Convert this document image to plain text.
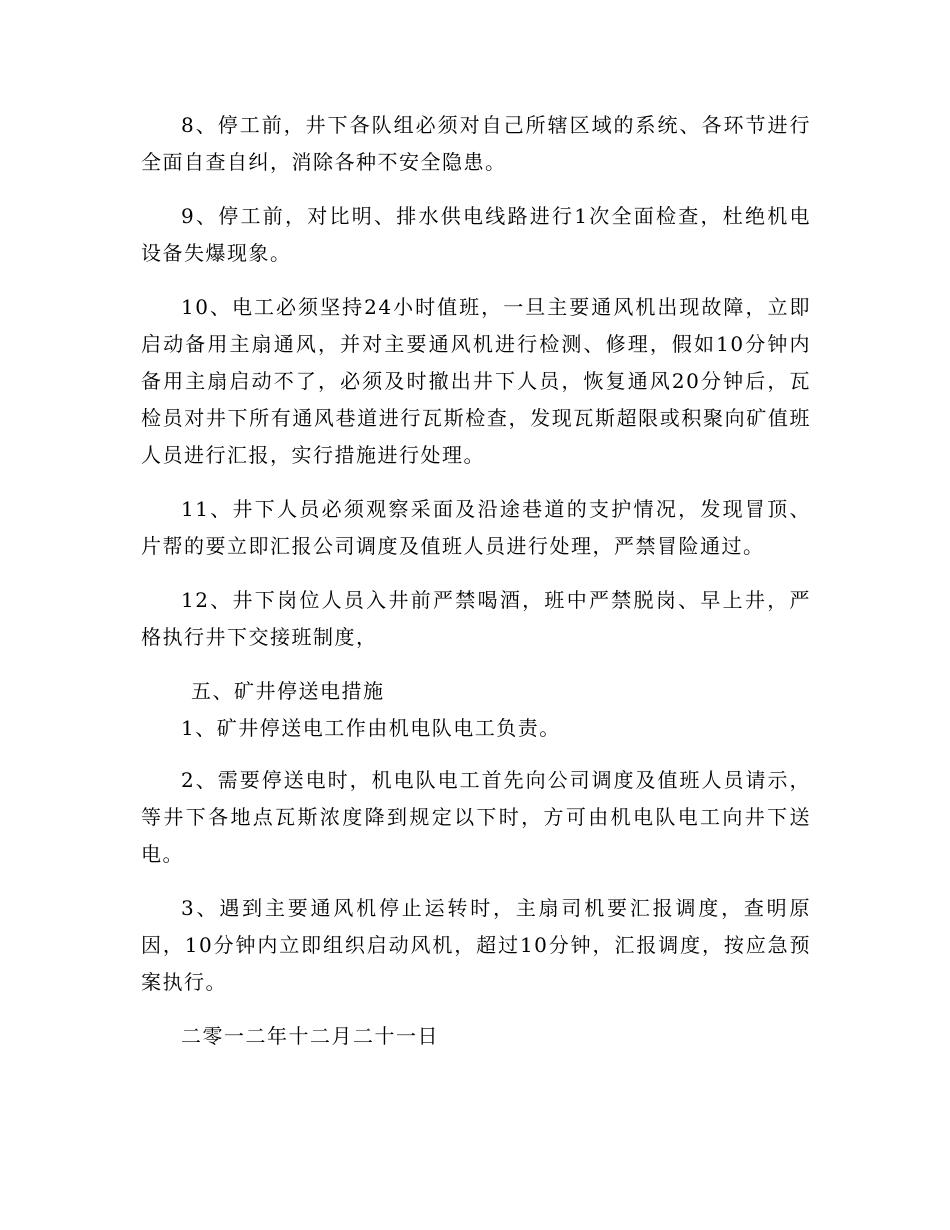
8、停工前，井下各队组必须对自己所辖区域的系统、各环节进行全面自查自纠，消除各种不安全隐患。

9、停工前，对比明、排水供电线路进行1次全面检查，杜绝机电设备失爆现象。

10、电工必须坚持24小时值班，一旦主要通风机出现故障，立即启动备用主扇通风，并对主要通风机进行检测、修理，假如10分钟内备用主扇启动不了，必须及时撤出井下人员，恢复通风20分钟后，瓦检员对井下所有通风巷道进行瓦斯检查，发现瓦斯超限或积聚向矿值班人员进行汇报，实行措施进行处理。

11、井下人员必须观察采面及沿途巷道的支护情况，发现冒顶、片帮的要立即汇报公司调度及值班人员进行处理，严禁冒险通过。

12、井下岗位人员入井前严禁喝酒，班中严禁脱岗、早上井，严格执行井下交接班制度，

五、矿井停送电措施

1、矿井停送电工作由机电队电工负责。

2、需要停送电时，机电队电工首先向公司调度及值班人员请示，等井下各地点瓦斯浓度降到规定以下时，方可由机电队电工向井下送电。

3、遇到主要通风机停止运转时，主扇司机要汇报调度，查明原因，10分钟内立即组织启动风机，超过10分钟，汇报调度，按应急预案执行。

二零一二年十二月二十一日
